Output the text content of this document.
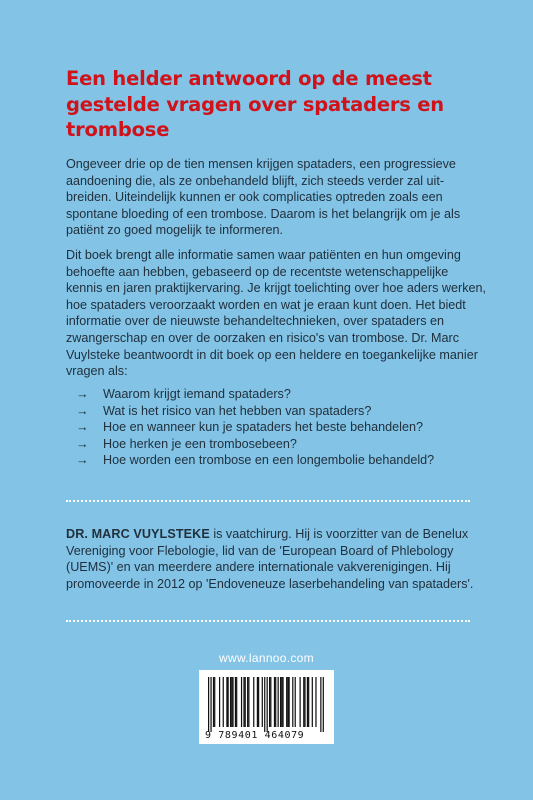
Een helder antwoord op de meest gestelde vragen over spataders en trombose

Ongeveer drie op de tien mensen krijgen spataders, een progressieve aandoening die, als ze onbehandeld blijft, zich steeds verder zal uit-breiden. Uiteindelijk kunnen er ook complicaties optreden zoals een spontane bloeding of een trombose. Daarom is het belangrijk om je als patiënt zo goed mogelijk te informeren.

Dit boek brengt alle informatie samen waar patiënten en hun omgeving behoefte aan hebben, gebaseerd op de recentste wetenschappelijke kennis en jaren praktijkervaring. Je krijgt toelichting over hoe aders werken, hoe spataders veroorzaakt worden en wat je eraan kunt doen. Het biedt informatie over de nieuwste behandeltechnieken, over spataders en zwangerschap en over de oorzaken en risico's van trombose. Dr. Marc Vuylsteke beantwoordt in dit boek op een heldere en toegankelijke manier vragen als:

→	Waarom krijgt iemand spataders?
→	Wat is het risico van het hebben van spataders?
→	Hoe en wanneer kun je spataders het beste behandelen?
→	Hoe herken je een trombosebeen?
→	Hoe worden een trombose en een longembolie behandeld?

DR. MARC VUYLSTEKE is vaatchirurg. Hij is voorzitter van de Benelux Vereniging voor Flebologie, lid van de 'European Board of Phlebology (UEMS)' en van meerdere andere internationale vakverenigingen. Hij promoveerde in 2012 op 'Endoveneuze laserbehandeling van spataders'.

www.lannoo.com
9 789401 464079
